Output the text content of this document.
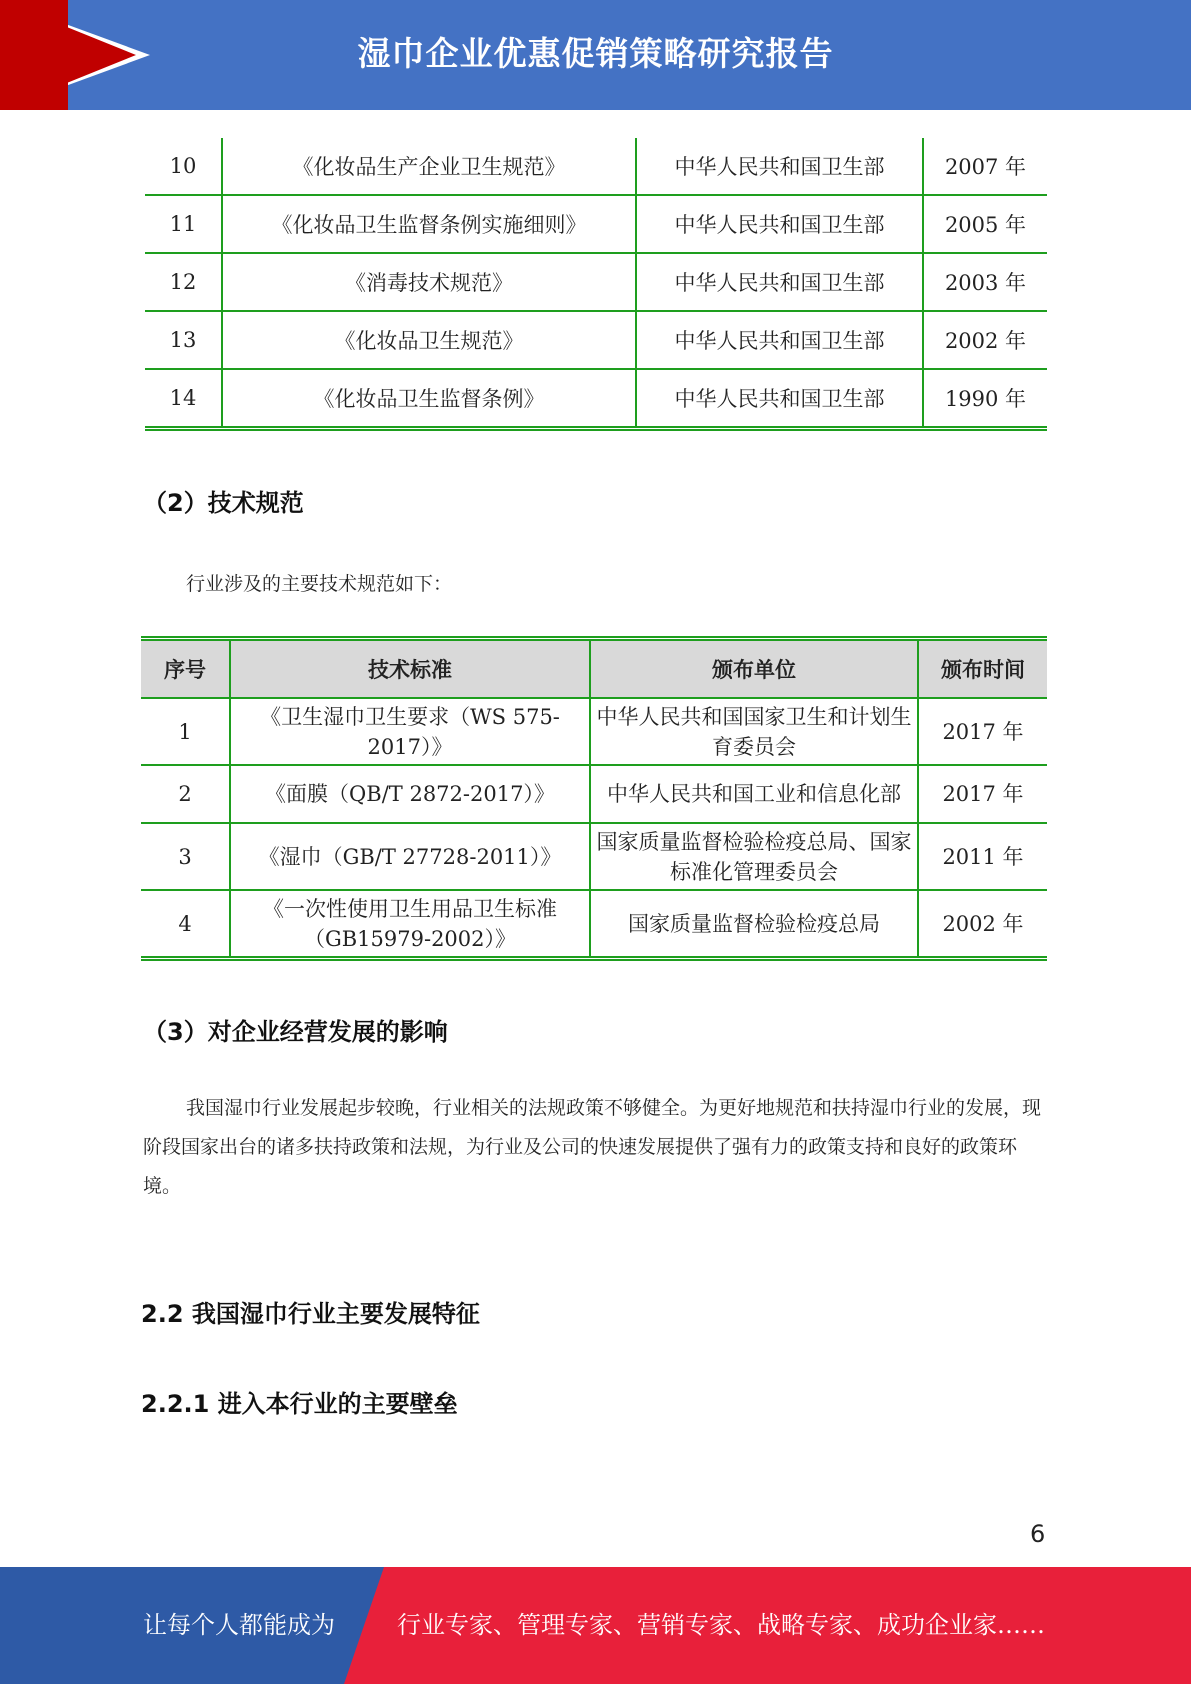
湿巾企业优惠促销策略研究报告
10	《化妆品生产企业卫生规范》	中华人民共和国卫生部	2007 年
11	《化妆品卫生监督条例实施细则》	中华人民共和国卫生部	2005 年
12	《消毒技术规范》	中华人民共和国卫生部	2003 年
13	《化妆品卫生规范》	中华人民共和国卫生部	2002 年
14	《化妆品卫生监督条例》	中华人民共和国卫生部	1990 年
（2）技术规范
行业涉及的主要技术规范如下：
序号	技术标准	颁布单位	颁布时间
1	《卫生湿巾卫生要求（WS 575-2017）》	中华人民共和国国家卫生和计划生育委员会	2017 年
2	《面膜（QB/T 2872-2017）》	中华人民共和国工业和信息化部	2017 年
3	《湿巾（GB/T 27728-2011）》	国家质量监督检验检疫总局、国家标准化管理委员会	2011 年
4	《一次性使用卫生用品卫生标准（GB15979-2002）》	国家质量监督检验检疫总局	2002 年
（3）对企业经营发展的影响
我国湿巾行业发展起步较晚，行业相关的法规政策不够健全。为更好地规范和扶持湿巾行业的发展，现阶段国家出台的诸多扶持政策和法规，为行业及公司的快速发展提供了强有力的政策支持和良好的政策环境。
2.2 我国湿巾行业主要发展特征
2.2.1 进入本行业的主要壁垒
6
让每个人都能成为	行业专家、管理专家、营销专家、战略专家、成功企业家……
